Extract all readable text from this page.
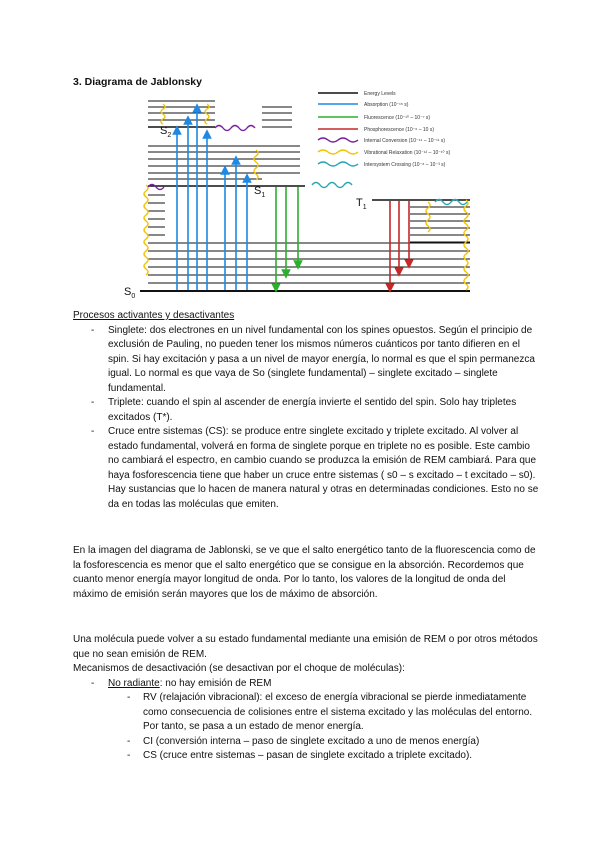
3. Diagrama de Jablonsky
$S_2$
$S_1$
$T_1$
$S_0$
Energy Levels
Absorption (10⁻¹⁵ s)
Fluorescence (10⁻¹⁰ – 10⁻⁷ s)
Phosphorescence (10⁻⁶ – 10 s)
Internal Conversion (10⁻¹⁴ – 10⁻¹¹ s)
Vibrational Relaxation (10⁻¹² – 10⁻¹⁰ s)
Intersystem Crossing (10⁻⁸ – 10⁻³ s)

Procesos activantes y desactivantes

- Singlete: dos electrones en un nivel fundamental con los spines opuestos. Según el principio de exclusión de Pauling, no pueden tener los mismos números cuánticos por tanto difieren en el spin. Si hay excitación y pasa a un nivel de mayor energía, lo normal es que el spin permanezca igual. Lo normal es que vaya de So (singlete fundamental) – singlete excitado – singlete fundamental.
- Triplete: cuando el spin al ascender de energía invierte el sentido del spin. Solo hay tripletes excitados (T*).
- Cruce entre sistemas (CS): se produce entre singlete excitado y triplete excitado. Al volver al estado fundamental, volverá en forma de singlete porque en triplete no es posible. Este cambio no cambiará el espectro, en cambio cuando se produzca la emisión de REM cambiará. Para que haya fosforescencia tiene que haber un cruce entre sistemas ( s0 – s excitado – t excitado – s0). Hay sustancias que lo hacen de manera natural y otras en determinadas condiciones. Esto no se da en todas las moléculas que emiten.

En la imagen del diagrama de Jablonski, se ve que el salto energético tanto de la fluorescencia como de la fosforescencia es menor que el salto energético que se consigue en la absorción. Recordemos que cuanto menor energía mayor longitud de onda. Por lo tanto, los valores de la longitud de onda del máximo de emisión serán mayores que los de máximo de absorción.

Una molécula puede volver a su estado fundamental mediante una emisión de REM o por otros métodos que no sean emisión de REM.

Mecanismos de desactivación (se desactivan por el choque de moléculas):

- No radiante: no hay emisión de REM
- RV (relajación vibracional): el exceso de energía vibracional se pierde inmediatamente como consecuencia de colisiones entre el sistema excitado y las moléculas del entorno. Por tanto, se pasa a un estado de menor energía.
- CI (conversión interna – paso de singlete excitado a uno de menos energía)
- CS (cruce entre sistemas – pasan de singlete excitado a triplete excitado).
